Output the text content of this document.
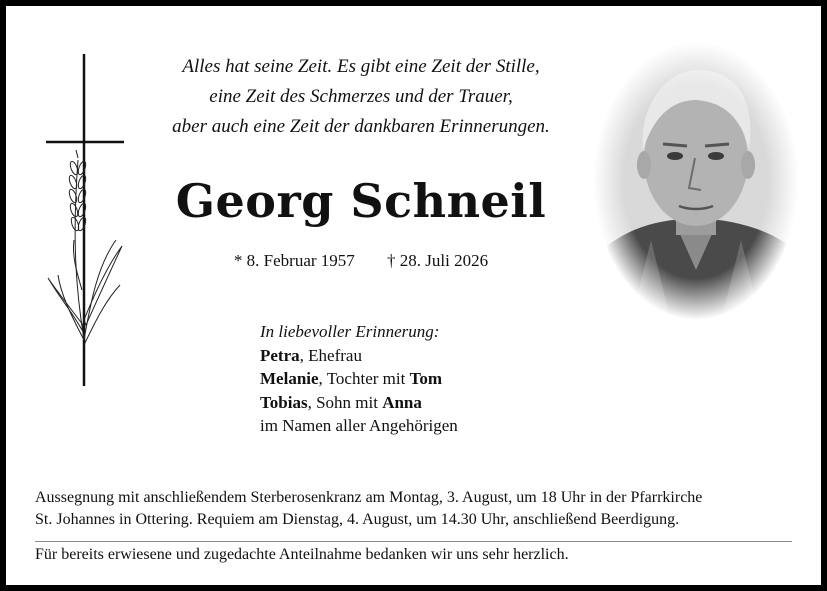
Alles hat seine Zeit. Es gibt eine Zeit der Stille,
eine Zeit des Schmerzes und der Trauer,
aber auch eine Zeit der dankbaren Erinnerungen.
Georg Schneil
* 8. Februar 1957 † 28. Juli 2026
In liebevoller Erinnerung:
Petra, Ehefrau
Melanie, Tochter mit Tom
Tobias, Sohn mit Anna
im Namen aller Angehörigen
Aussegnung mit anschließendem Sterberosenkranz am Montag, 3. August, um 18 Uhr in der Pfarrkirche
St. Johannes in Ottering. Requiem am Dienstag, 4. August, um 14.30 Uhr, anschließend Beerdigung.
Für bereits erwiesene und zugedachte Anteilnahme bedanken wir uns sehr herzlich.
